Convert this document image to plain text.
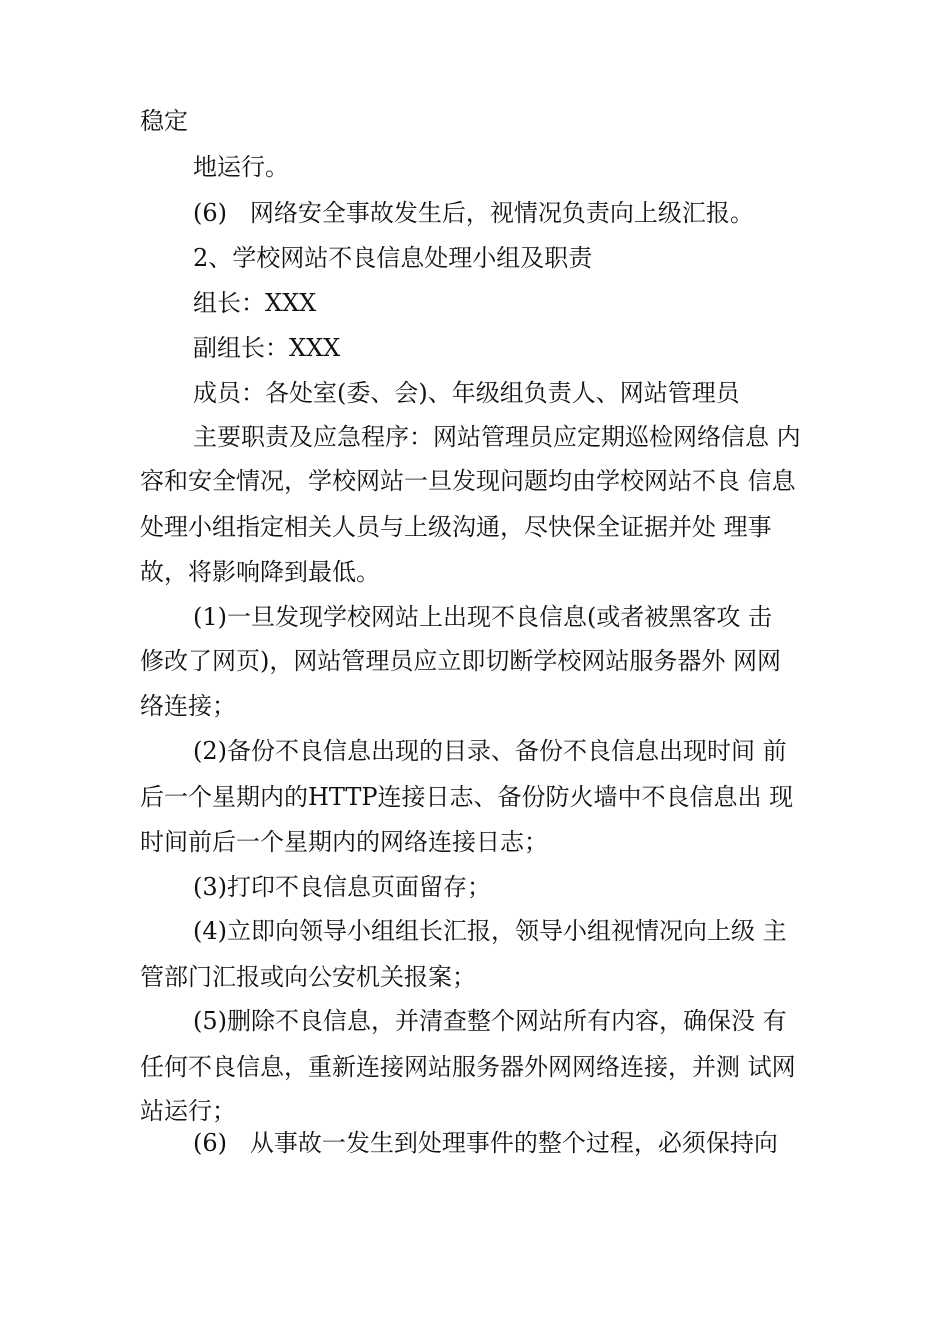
稳定
地运行。
(6)   网络安全事故发生后，视情况负责向上级汇报。
2、学校网站不良信息处理小组及职责
组长：XXX
副组长：XXX
成员：各处室(委、会)、年级组负责人、网站管理员
主要职责及应急程序：网站管理员应定期巡检网络信息 内
容和安全情况，学校网站一旦发现问题均由学校网站不良 信息
处理小组指定相关人员与上级沟通，尽快保全证据并处 理事
故，将影响降到最低。
(1)一旦发现学校网站上出现不良信息(或者被黑客攻 击
修改了网页)，网站管理员应立即切断学校网站服务器外 网网
络连接；
(2)备份不良信息出现的目录、备份不良信息出现时间 前
后一个星期内的HTTP连接日志、备份防火墙中不良信息出 现
时间前后一个星期内的网络连接日志；
(3)打印不良信息页面留存；
(4)立即向领导小组组长汇报，领导小组视情况向上级 主
管部门汇报或向公安机关报案；
(5)删除不良信息，并清查整个网站所有内容，确保没 有
任何不良信息，重新连接网站服务器外网网络连接，并测 试网
站运行；
(6)   从事故一发生到处理事件的整个过程，必须保持向
